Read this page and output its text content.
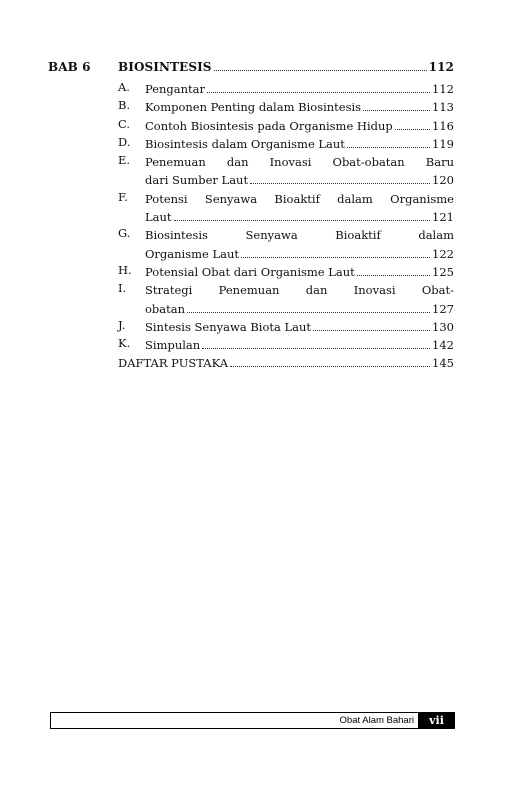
BAB 6 BIOSINTESIS	112
A. Pengantar	112
B. Komponen Penting dalam Biosintesis	113
C. Contoh Biosintesis pada Organisme Hidup	116
D. Biosintesis dalam Organisme Laut	119
E. Penemuan dan Inovasi Obat-obatan Baru
dari Sumber Laut	120
F. Potensi Senyawa Bioaktif dalam Organisme
Laut	121
G. Biosintesis Senyawa Bioaktif dalam
Organisme Laut	122
H. Potensial Obat dari Organisme Laut	125
I. Strategi Penemuan dan Inovasi Obat-
obatan	127
J. Sintesis Senyawa Biota Laut	130
K. Simpulan	142
DAFTAR PUSTAKA	145
Obat Alam Bahari	vii
